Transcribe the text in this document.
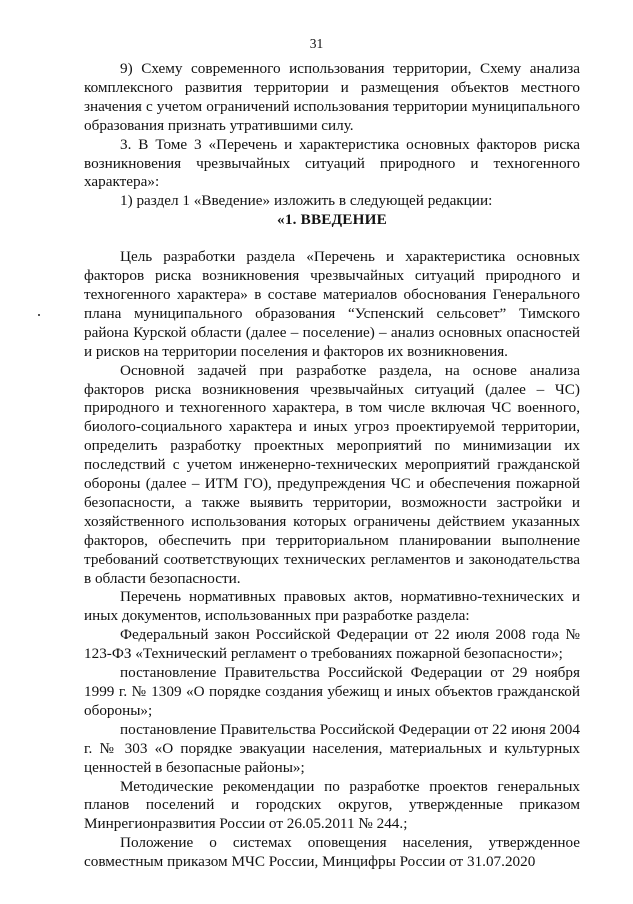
31

9) Схему современного использования территории, Схему анализа комплексного развития территории и размещения объектов местного значения с учетом ограничений использования территории муниципального образования признать утратившими силу.

3. В Томе 3 «Перечень и характеристика основных факторов риска возникновения чрезвычайных ситуаций природного и техногенного характера»:

1) раздел 1 «Введение» изложить в следующей редакции:

«1. ВВЕДЕНИЕ

Цель разработки раздела «Перечень и характеристика основных факторов риска возникновения чрезвычайных ситуаций природного и техногенного характера» в составе материалов обоснования Генерального плана муниципального образования “Успенский сельсовет” Тимского района Курской области (далее – поселение) – анализ основных опасностей и рисков на территории поселения и факторов их возникновения.

Основной задачей при разработке раздела, на основе анализа факторов риска возникновения чрезвычайных ситуаций (далее – ЧС) природного и техногенного характера, в том числе включая ЧС военного, биолого-социального характера и иных угроз проектируемой территории, определить разработку проектных мероприятий по минимизации их последствий с учетом инженерно-технических мероприятий гражданской обороны (далее – ИТМ ГО), предупреждения ЧС и обеспечения пожарной безопасности, а также выявить территории, возможности застройки и хозяйственного использования которых ограничены действием указанных факторов, обеспечить при территориальном планировании выполнение требований соответствующих технических регламентов и законодательства в области безопасности.

Перечень нормативных правовых актов, нормативно-технических и иных документов, использованных при разработке раздела:

Федеральный закон Российской Федерации от 22 июля 2008 года № 123-ФЗ «Технический регламент о требованиях пожарной безопасности»;

постановление Правительства Российской Федерации от 29 ноября 1999 г. № 1309 «О порядке создания убежищ и иных объектов гражданской обороны»;

постановление Правительства Российской Федерации от 22 июня 2004 г. № 303 «О порядке эвакуации населения, материальных и культурных ценностей в безопасные районы»;

Методические рекомендации по разработке проектов генеральных планов поселений и городских округов, утвержденные приказом Минрегионразвития России от 26.05.2011 № 244.;

Положение о системах оповещения населения, утвержденное совместным приказом МЧС России, Минцифры России от 31.07.2020
